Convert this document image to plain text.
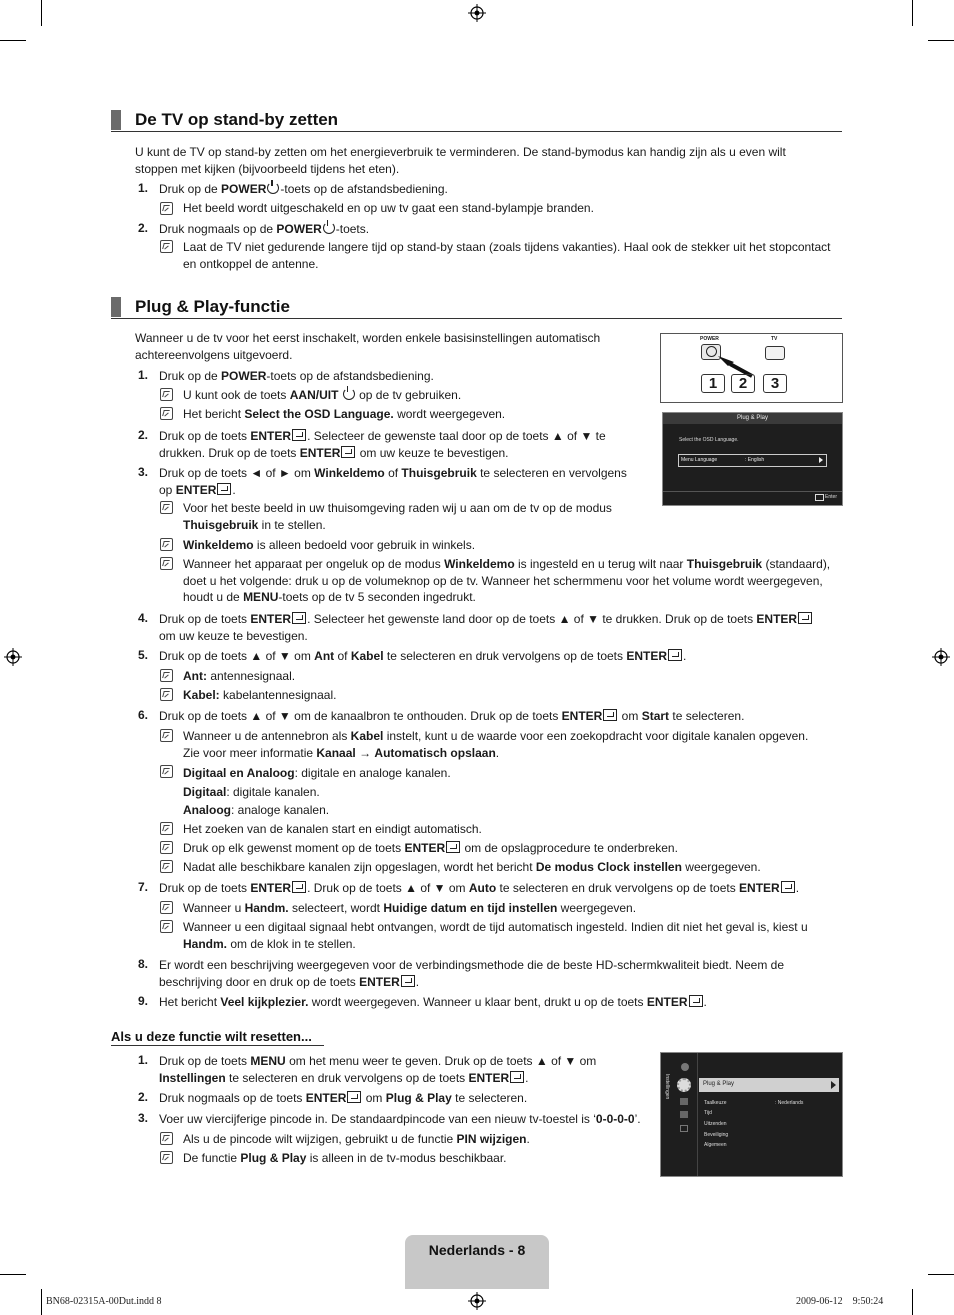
De TV op stand-by zetten
U kunt de TV op stand-by zetten om het energieverbruik te verminderen. De stand-bymodus kan handig zijn als u even wilt
stoppen met kijken (bijvoorbeeld tijdens het eten).
1. Druk op de POWER -toets op de afstandsbediening.
Het beeld wordt uitgeschakeld en op uw tv gaat een stand-bylampje branden.
2. Druk nogmaals op de POWER -toets.
Laat de TV niet gedurende langere tijd op stand-by staan (zoals tijdens vakanties). Haal ook de stekker uit het stopcontact
en ontkoppel de antenne.
Plug & Play-functie
Wanneer u de tv voor het eerst inschakelt, worden enkele basisinstellingen automatisch
achtereenvolgens uitgevoerd.
POWER	TV
1	2	3
Plug & Play
Select the OSD Language.
Menu Language	: English
Enter
1. Druk op de POWER-toets op de afstandsbediening.
U kunt ook de toets AAN/UIT  op de tv gebruiken.
Het bericht Select the OSD Language. wordt weergegeven.
2. Druk op de toets ENTER . Selecteer de gewenste taal door op de toets ▲ of ▼ te
drukken. Druk op de toets ENTER om uw keuze te bevestigen.
3. Druk op de toets ◄ of ► om Winkeldemo of Thuisgebruik te selecteren en vervolgens
op ENTER .
Voor het beste beeld in uw thuisomgeving raden wij u aan om de tv op de modus
Thuisgebruik in te stellen.
Winkeldemo is alleen bedoeld voor gebruik in winkels.
Wanneer het apparaat per ongeluk op de modus Winkeldemo is ingesteld en u terug wilt naar Thuisgebruik (standaard),
doet u het volgende: druk u op de volumeknop op de tv. Wanneer het schermmenu voor het volume wordt weergegeven,
houdt u de MENU-toets op de tv 5 seconden ingedrukt.
4. Druk op de toets ENTER . Selecteer het gewenste land door op de toets ▲ of ▼ te drukken. Druk op de toets ENTER
om uw keuze te bevestigen.
5. Druk op de toets ▲ of ▼ om Ant of Kabel te selecteren en druk vervolgens op de toets ENTER .
Ant: antennesignaal.
Kabel: kabelantennesignaal.
6. Druk op de toets ▲ of ▼ om de kanaalbron te onthouden. Druk op de toets ENTER om Start te selecteren.
Wanneer u de antennebron als Kabel instelt, kunt u de waarde voor een zoekopdracht voor digitale kanalen opgeven.
Zie voor meer informatie Kanaal → Automatisch opslaan.
Digitaal en Analoog: digitale en analoge kanalen.
Digitaal: digitale kanalen.
Analoog: analoge kanalen.
Het zoeken van de kanalen start en eindigt automatisch.
Druk op elk gewenst moment op de toets ENTER om de opslagprocedure te onderbreken.
Nadat alle beschikbare kanalen zijn opgeslagen, wordt het bericht De modus Clock instellen weergegeven.
7. Druk op de toets ENTER . Druk op de toets ▲ of ▼ om Auto te selecteren en druk vervolgens op de toets ENTER .
Wanneer u Handm. selecteert, wordt Huidige datum en tijd instellen weergegeven.
Wanneer u een digitaal signaal hebt ontvangen, wordt de tijd automatisch ingesteld. Indien dit niet het geval is, kiest u
Handm. om de klok in te stellen.
8. Er wordt een beschrijving weergegeven voor de verbindingsmethode die de beste HD-schermkwaliteit biedt. Neem de
beschrijving door en druk op de toets ENTER .
9. Het bericht Veel kijkplezier. wordt weergegeven. Wanneer u klaar bent, drukt u op de toets ENTER .
Als u deze functie wilt resetten...
1. Druk op de toets MENU om het menu weer te geven. Druk op de toets ▲ of ▼ om
Instellingen te selecteren en druk vervolgens op de toets ENTER .
2. Druk nogmaals op de toets ENTER om Plug & Play te selecteren.
3. Voer uw viercijferige pincode in. De standaardpincode van een nieuw tv-toestel is ‘0-0-0-0’.
Als u de pincode wilt wijzigen, gebruikt u de functie PIN wijzigen.
De functie Plug & Play is alleen in de tv-modus beschikbaar.
Instellingen	Plug & Play
Taalkeuze	: Nederlands
Tijd
Uitzenden
Beveiliging
Algemeen
Nederlands - 8
BN68-02315A-00Dut.indd 8	2009-06-12    9:50:24
